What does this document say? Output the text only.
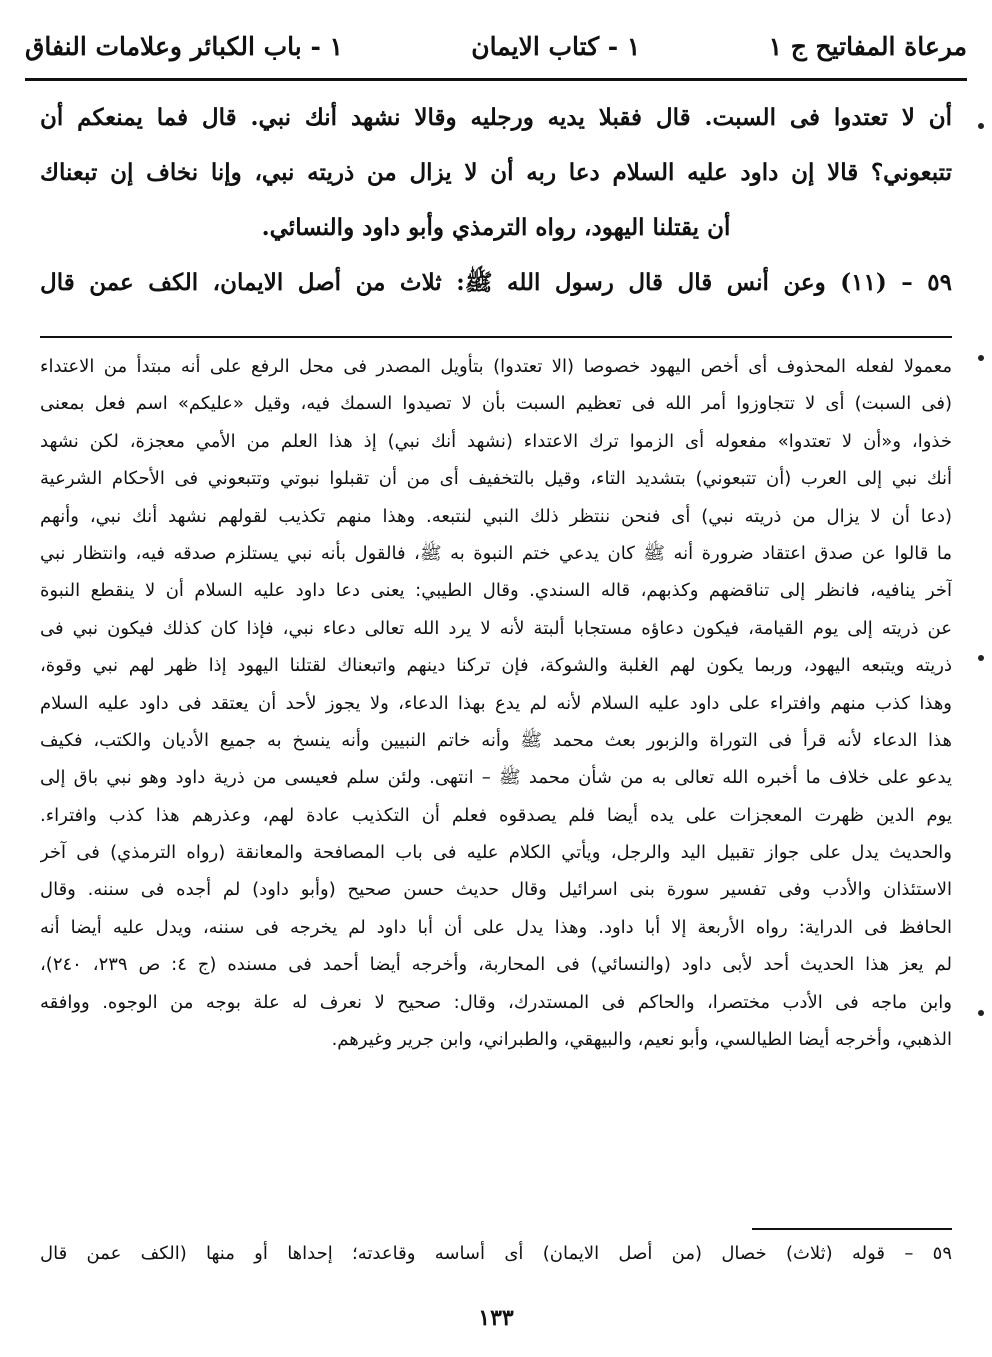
مرعاة المفاتيح ج ١
١ - كتاب الايمان
١ - باب الكبائر وعلامات النفاق
أن لا تعتدوا فى السبت. قال فقبلا يديه ورجليه وقالا نشهد أنك نبي. قال فما يمنعكم أن
تتبعوني؟ قالا إن داود عليه السلام دعا ربه أن لا يزال من ذريته نبي، وإنا نخاف إن تبعناك
أن يقتلنا اليهود، رواه الترمذي وأبو داود والنسائي.
٥٩ – (١١) وعن أنس قال قال رسول الله ﷺ: ثلاث من أصل الايمان، الكف عمن قال
معمولا لفعله المحذوف أى أخص اليهود خصوصا (الا تعتدوا) بتأويل المصدر فى محل الرفع على أنه مبتدأ من الاعتداء
(فى السبت) أى لا تتجاوزوا أمر الله فى تعظيم السبت بأن لا تصيدوا السمك فيه، وقيل «عليكم» اسم فعل بمعنى
خذوا، و«أن لا تعتدوا» مفعوله أى الزموا ترك الاعتداء (نشهد أنك نبي) إذ هذا العلم من الأمي معجزة، لكن نشهد
أنك نبي إلى العرب (أن تتبعوني) بتشديد التاء، وقيل بالتخفيف أى من أن تقبلوا نبوتي وتتبعوني فى الأحكام الشرعية
(دعا أن لا يزال من ذريته نبي) أى فنحن ننتظر ذلك النبي لنتبعه. وهذا منهم تكذيب لقولهم نشهد أنك نبي، وأنهم
ما قالوا عن صدق اعتقاد ضرورة أنه ﷺ كان يدعي ختم النبوة به ﷺ، فالقول بأنه نبي يستلزم صدقه فيه، وانتظار نبي
آخر ينافيه، فانظر إلى تناقضهم وكذبهم، قاله السندي. وقال الطيبي: يعنى دعا داود عليه السلام أن لا ينقطع النبوة
عن ذريته إلى يوم القيامة، فيكون دعاؤه مستجابا ألبتة لأنه لا يرد الله تعالى دعاء نبي، فإذا كان كذلك فيكون نبي فى
ذريته ويتبعه اليهود، وربما يكون لهم الغلبة والشوكة، فإن تركنا دينهم واتبعناك لقتلنا اليهود إذا ظهر لهم نبي وقوة،
وهذا كذب منهم وافتراء على داود عليه السلام لأنه لم يدع بهذا الدعاء، ولا يجوز لأحد أن يعتقد فى داود عليه السلام
هذا الدعاء لأنه قرأ فى التوراة والزبور بعث محمد ﷺ وأنه خاتم النبيين وأنه ينسخ به جميع الأديان والكتب، فكيف
يدعو على خلاف ما أخبره الله تعالى به من شأن محمد ﷺ – انتهى. ولئن سلم فعيسى من ذرية داود وهو نبي باق إلى
يوم الدين ظهرت المعجزات على يده أيضا فلم يصدقوه فعلم أن التكذيب عادة لهم، وعذرهم هذا كذب وافتراء.
والحديث يدل على جواز تقبيل اليد والرجل، ويأتي الكلام عليه فى باب المصافحة والمعانقة (رواه الترمذي) فى آخر
الاستئذان والأدب وفى تفسير سورة بنى اسرائيل وقال حديث حسن صحيح (وأبو داود) لم أجده فى سننه. وقال
الحافظ فى الدراية: رواه الأربعة إلا أبا داود. وهذا يدل على أن أبا داود لم يخرجه فى سننه، ويدل عليه أيضا أنه
لم يعز هذا الحديث أحد لأبى داود (والنسائي) فى المحاربة، وأخرجه أيضا أحمد فى مسنده (ج ٤: ص ٢٣٩، ٢٤٠)،
وابن ماجه فى الأدب مختصرا، والحاكم فى المستدرك، وقال: صحيح لا نعرف له علة بوجه من الوجوه. ووافقه
الذهبي، وأخرجه أيضا الطيالسي، وأبو نعيم، والبيهقي، والطبراني، وابن جرير وغيرهم.
٥٩ – قوله (ثلاث) خصال (من أصل الايمان) أى أساسه وقاعدته؛ إحداها أو منها (الكف عمن قال
١٣٣
